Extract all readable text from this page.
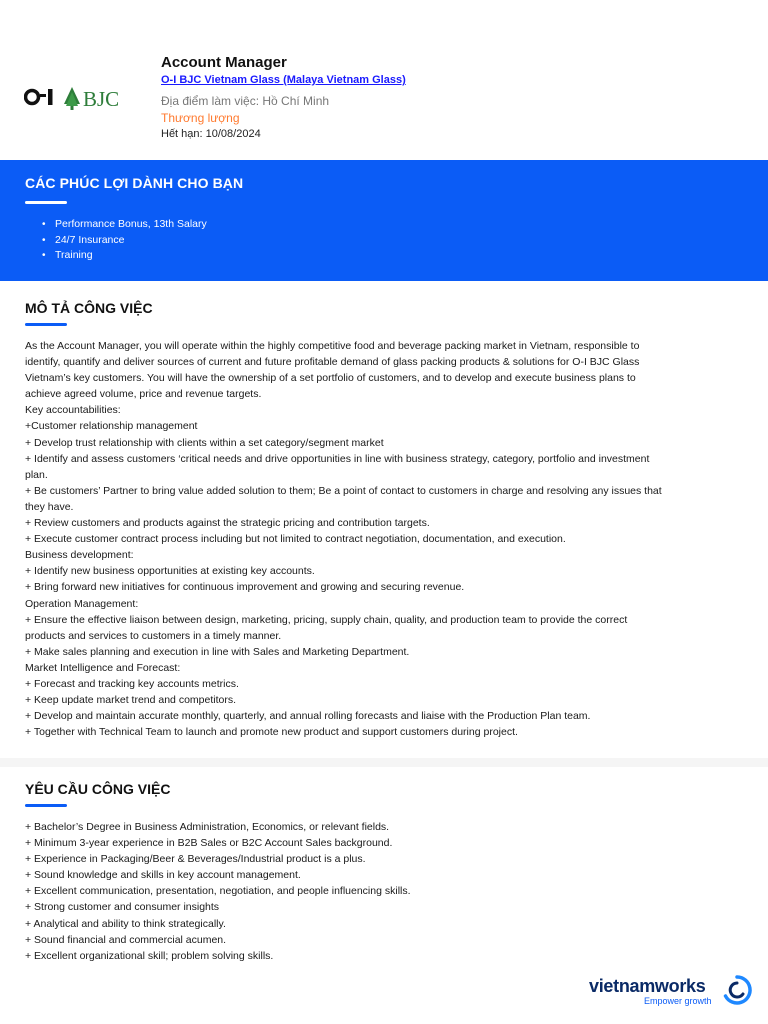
BJC
Account Manager
O-I BJC Vietnam Glass (Malaya Vietnam Glass)
Địa điểm làm việc: Hồ Chí Minh
Thương lượng
Hết hạn: 10/08/2024
CÁC PHÚC LỢI DÀNH CHO BẠN
• Performance Bonus, 13th Salary
• 24/7 Insurance
• Training
MÔ TẢ CÔNG VIỆC
As the Account Manager, you will operate within the highly competitive food and beverage packing market in Vietnam, responsible to
identify, quantify and deliver sources of current and future profitable demand of glass packing products & solutions for O-I BJC Glass
Vietnam’s key customers. You will have the ownership of a set portfolio of customers, and to develop and execute business plans to
achieve agreed volume, price and revenue targets.
Key accountabilities:
+Customer relationship management
+ Develop trust relationship with clients within a set category/segment market
+ Identify and assess customers ‘critical needs and drive opportunities in line with business strategy, category, portfolio and investment
plan.
+ Be customers’ Partner to bring value added solution to them; Be a point of contact to customers in charge and resolving any issues that
they have.
+ Review customers and products against the strategic pricing and contribution targets.
+ Execute customer contract process including but not limited to contract negotiation, documentation, and execution.
Business development:
+ Identify new business opportunities at existing key accounts.
+ Bring forward new initiatives for continuous improvement and growing and securing revenue.
Operation Management:
+ Ensure the effective liaison between design, marketing, pricing, supply chain, quality, and production team to provide the correct
products and services to customers in a timely manner.
+ Make sales planning and execution in line with Sales and Marketing Department.
Market Intelligence and Forecast:
+ Forecast and tracking key accounts metrics.
+ Keep update market trend and competitors.
+ Develop and maintain accurate monthly, quarterly, and annual rolling forecasts and liaise with the Production Plan team.
+ Together with Technical Team to launch and promote new product and support customers during project.
YÊU CẦU CÔNG VIỆC
+ Bachelor’s Degree in Business Administration, Economics, or relevant fields.
+ Minimum 3-year experience in B2B Sales or B2C Account Sales background.
+ Experience in Packaging/Beer & Beverages/Industrial product is a plus.
+ Sound knowledge and skills in key account management.
+ Excellent communication, presentation, negotiation, and people influencing skills.
+ Strong customer and consumer insights
+ Analytical and ability to think strategically.
+ Sound financial and commercial acumen.
+ Excellent organizational skill; problem solving skills.
vietnamworks
Empower growth
